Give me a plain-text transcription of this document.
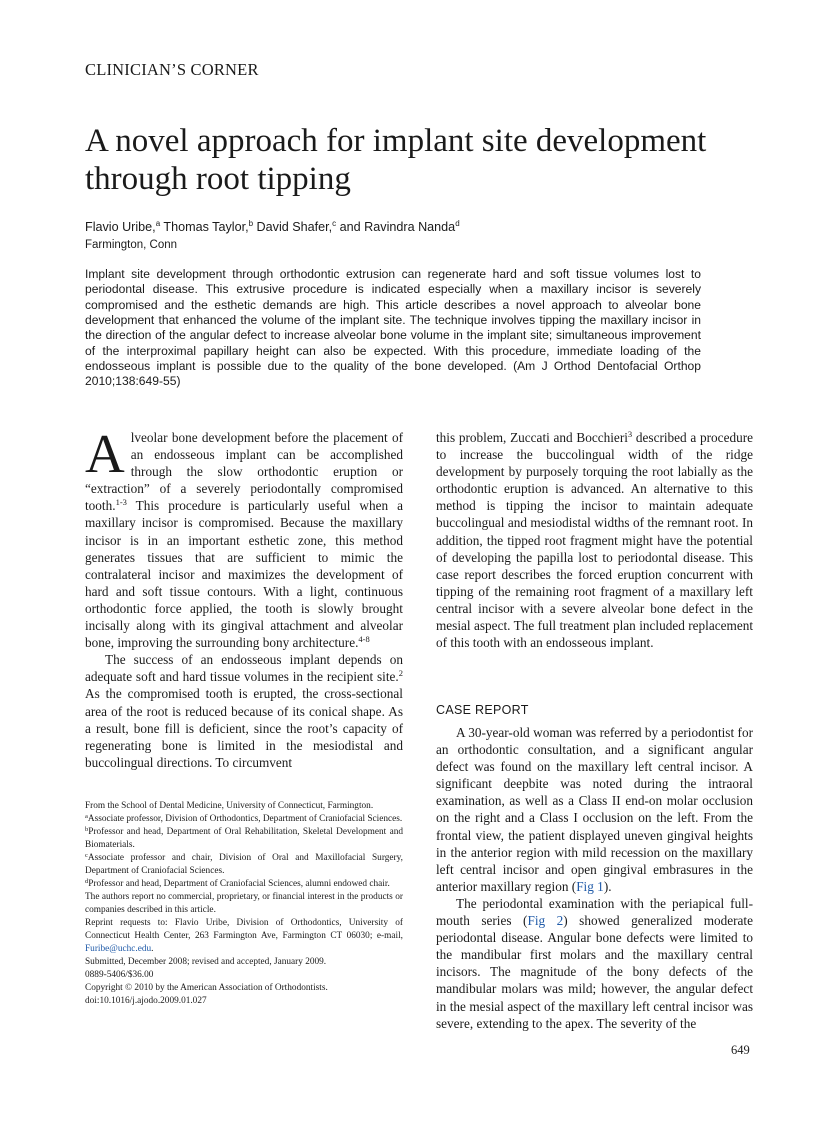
CLINICIAN’S CORNER
A novel approach for implant site development through root tipping
Flavio Uribe,$^a$ Thomas Taylor,$^b$ David Shafer,$^c$ and Ravindra Nanda$^d$
Farmington, Conn
Implant site development through orthodontic extrusion can regenerate hard and soft tissue volumes lost to periodontal disease. This extrusive procedure is indicated especially when a maxillary incisor is severely compromised and the esthetic demands are high. This article describes a novel approach to alveolar bone development that enhanced the volume of the implant site. The technique involves tipping the maxillary incisor in the direction of the angular defect to increase alveolar bone volume in the implant site; simultaneous improvement of the interproximal papillary height can also be expected. With this procedure, immediate loading of the endosseous implant is possible due to the quality of the bone developed. (Am J Orthod Dentofacial Orthop 2010;138:649-55)

Alveolar bone development before the placement of an endosseous implant can be accomplished through the slow orthodontic eruption or “extraction” of a severely periodontally compromised tooth.$^{1-3}$ This procedure is particularly useful when a maxillary incisor is compromised. Because the maxillary incisor is in an important esthetic zone, this method generates tissues that are sufficient to mimic the contralateral incisor and maximizes the development of hard and soft tissue contours. With a light, continuous orthodontic force applied, the tooth is slowly brought incisally along with its gingival attachment and alveolar bone, improving the surrounding bony architecture.$^{4-8}$

The success of an endosseous implant depends on adequate soft and hard tissue volumes in the recipient site.$^2$ As the compromised tooth is erupted, the cross-sectional area of the root is reduced because of its conical shape. As a result, bone fill is deficient, since the root’s capacity of regenerating bone is limited in the mesiodistal and buccolingual directions. To circumvent

this problem, Zuccati and Bocchieri$^3$ described a procedure to increase the buccolingual width of the ridge development by purposely torquing the root labially as the orthodontic eruption is advanced. An alternative to this method is tipping the incisor to maintain adequate buccolingual and mesiodistal widths of the remnant root. In addition, the tipped root fragment might have the potential of developing the papilla lost to periodontal disease. This case report describes the forced eruption concurrent with tipping of the remaining root fragment of a maxillary left central incisor with a severe alveolar bone defect in the mesial aspect. The full treatment plan included replacement of this tooth with an endosseous implant.

CASE REPORT

A 30-year-old woman was referred by a periodontist for an orthodontic consultation, and a significant angular defect was found on the maxillary left central incisor. A significant deepbite was noted during the intraoral examination, as well as a Class II end-on molar occlusion on the right and a Class I occlusion on the left. From the frontal view, the patient displayed uneven gingival heights in the anterior region with mild recession on the maxillary left central incisor and open gingival embrasures in the anterior maxillary region (Fig 1).

The periodontal examination with the periapical full-mouth series (Fig 2) showed generalized moderate periodontal disease. Angular bone defects were limited to the mandibular first molars and the maxillary central incisors. The magnitude of the bony defects of the mandibular molars was mild; however, the angular defect in the mesial aspect of the maxillary left central incisor was severe, extending to the apex. The severity of the

From the School of Dental Medicine, University of Connecticut, Farmington.

$^a$Associate professor, Division of Orthodontics, Department of Craniofacial Sciences.

$^b$Professor and head, Department of Oral Rehabilitation, Skeletal Development and Biomaterials.

$^c$Associate professor and chair, Division of Oral and Maxillofacial Surgery, Department of Craniofacial Sciences.

$^d$Professor and head, Department of Craniofacial Sciences, alumni endowed chair.

The authors report no commercial, proprietary, or financial interest in the products or companies described in this article.

Reprint requests to: Flavio Uribe, Division of Orthodontics, University of Connecticut Health Center, 263 Farmington Ave, Farmington CT 06030; e-mail, Furibe@uchc.edu.

Submitted, December 2008; revised and accepted, January 2009.

0889-5406/$36.00

Copyright © 2010 by the American Association of Orthodontists.

doi:10.1016/j.ajodo.2009.01.027

649
